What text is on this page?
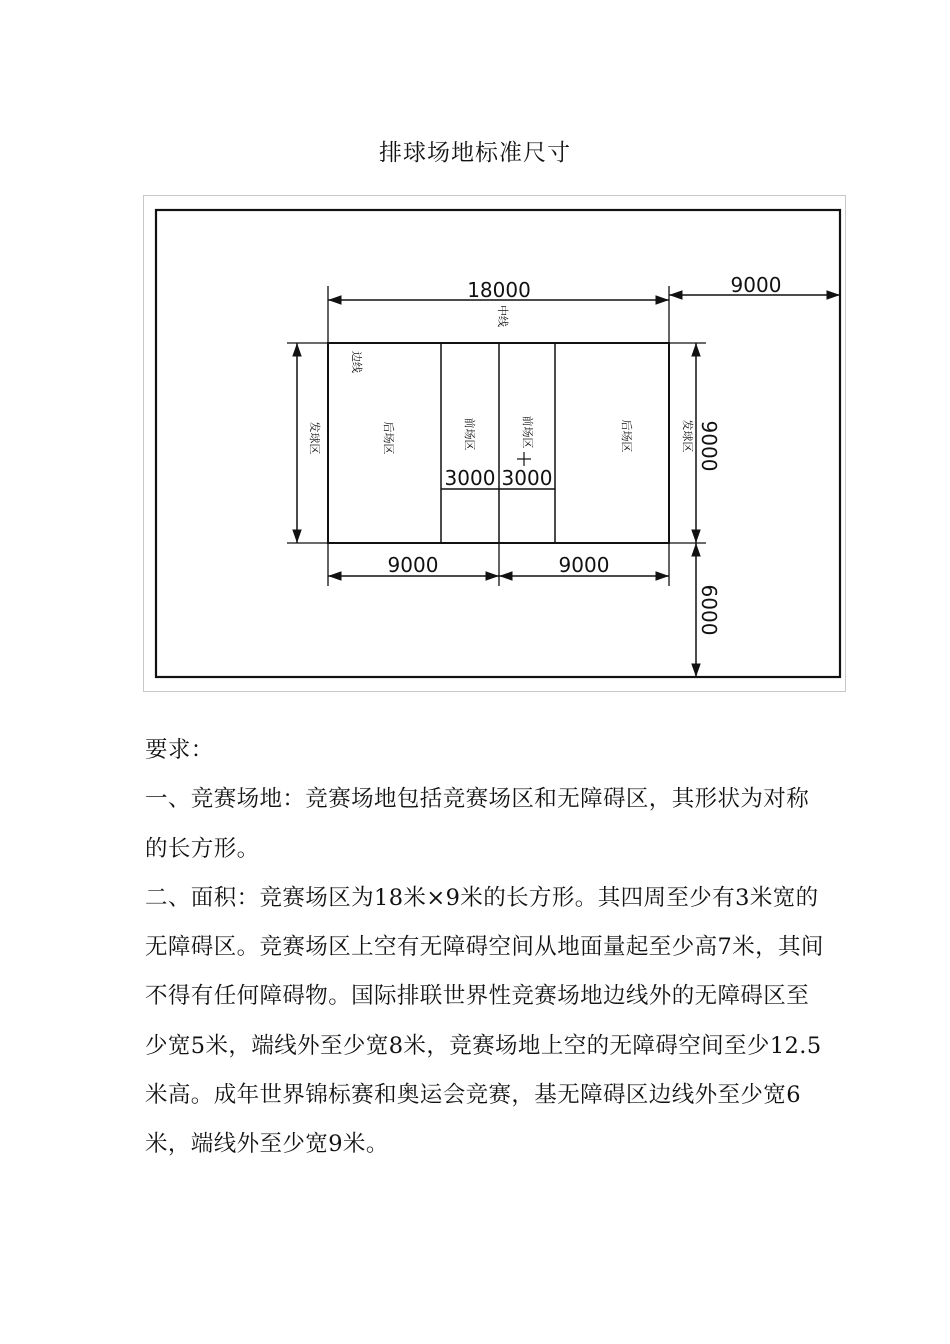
排球场地标准尺寸
18000	9000
中线
边线
发球区	后场区	前场区	前场区	后场区	发球区
3000 3000
9000	9000
9000
6000

要求：

一、竞赛场地：竞赛场地包括竞赛场区和无障碍区，其形状为对称的长方形。

二、面积：竞赛场区为18米×9米的长方形。其四周至少有3米宽的无障碍区。竞赛场区上空有无障碍空间从地面量起至少高7米，其间不得有任何障碍物。国际排联世界性竞赛场地边线外的无障碍区至少宽5米，端线外至少宽8米，竞赛场地上空的无障碍空间至少12.5米高。成年世界锦标赛和奥运会竞赛，基无障碍区边线外至少宽6米，端线外至少宽9米。
